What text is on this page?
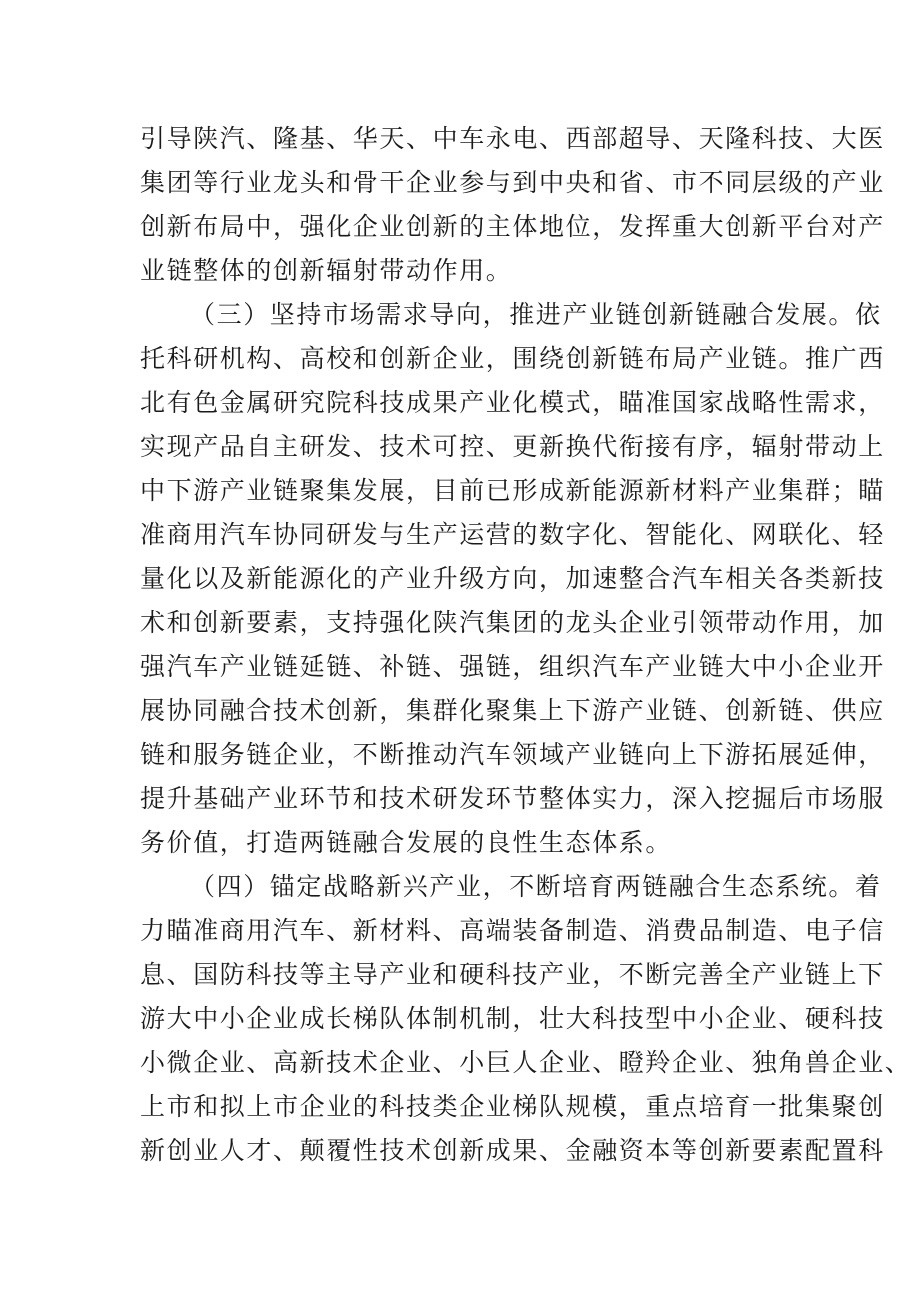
引导陕汽、隆基、华天、中车永电、西部超导、天隆科技、大医
集团等行业龙头和骨干企业参与到中央和省、市不同层级的产业
创新布局中，强化企业创新的主体地位，发挥重大创新平台对产
业链整体的创新辐射带动作用。
（三）坚持市场需求导向，推进产业链创新链融合发展。依
托科研机构、高校和创新企业，围绕创新链布局产业链。推广西
北有色金属研究院科技成果产业化模式，瞄准国家战略性需求，
实现产品自主研发、技术可控、更新换代衔接有序，辐射带动上
中下游产业链聚集发展，目前已形成新能源新材料产业集群；瞄
准商用汽车协同研发与生产运营的数字化、智能化、网联化、轻
量化以及新能源化的产业升级方向，加速整合汽车相关各类新技
术和创新要素，支持强化陕汽集团的龙头企业引领带动作用，加
强汽车产业链延链、补链、强链，组织汽车产业链大中小企业开
展协同融合技术创新，集群化聚集上下游产业链、创新链、供应
链和服务链企业，不断推动汽车领域产业链向上下游拓展延伸，
提升基础产业环节和技术研发环节整体实力，深入挖掘后市场服
务价值，打造两链融合发展的良性生态体系。
（四）锚定战略新兴产业，不断培育两链融合生态系统。着
力瞄准商用汽车、新材料、高端装备制造、消费品制造、电子信
息、国防科技等主导产业和硬科技产业，不断完善全产业链上下
游大中小企业成长梯队体制机制，壮大科技型中小企业、硬科技
小微企业、高新技术企业、小巨人企业、瞪羚企业、独角兽企业、
上市和拟上市企业的科技类企业梯队规模，重点培育一批集聚创
新创业人才、颠覆性技术创新成果、金融资本等创新要素配置科
